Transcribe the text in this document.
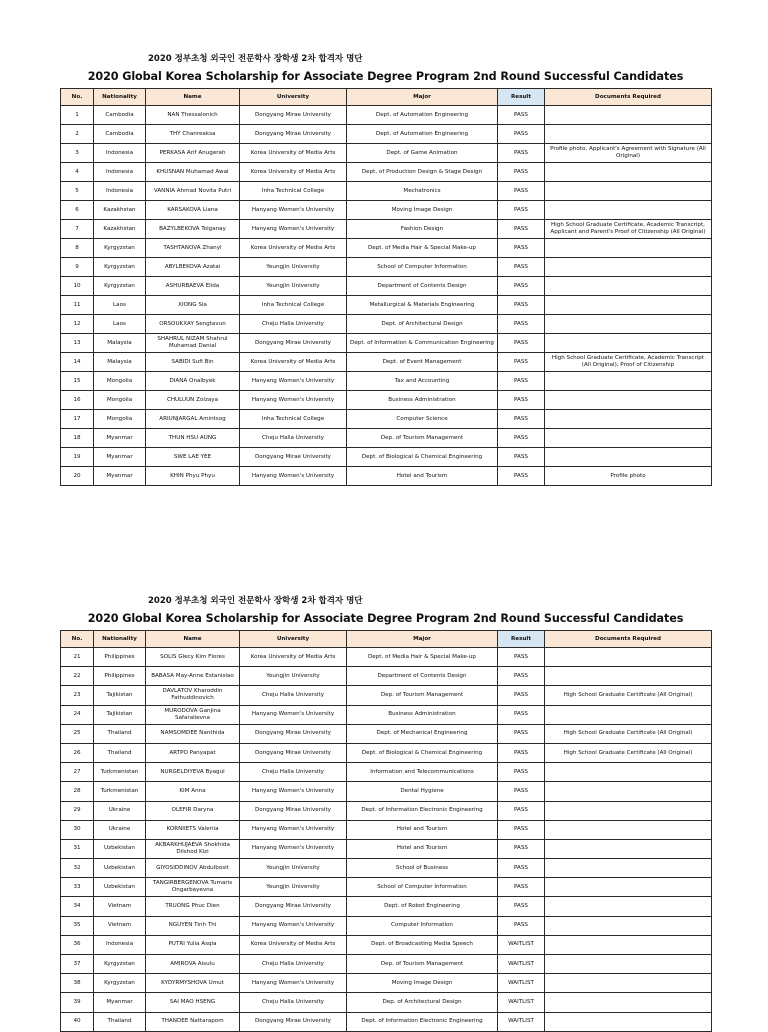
2020 정부초청 외국인 전문학사 장학생 2차 합격자 명단
2020 Global Korea Scholarship for Associate Degree Program 2nd Round Successful Candidates
No.	Nationality	Name	University	Major	Result	Documents Required
1	Cambodia	NAN Thessalonich	Dongyang Mirae University	Dept. of Automation Engineering	PASS	
2	Cambodia	THY Chanreaksa	Dongyang Mirae University	Dept. of Automation Engineering	PASS	
3	Indonesia	PERKASA Arif Anugerah	Korea University of Media Arts	Dept. of Game Animation	PASS	Profile photo, Applicant's Agreement with Signature (All Original)
4	Indonesia	KHUSNAN Muhamad Awal	Korea University of Media Arts	Dept. of Production Design & Stage Design	PASS	
5	Indonesia	VANNIA Ahmad Novita Putri	Inha Technical College	Mechatronics	PASS	
6	Kazakhstan	KARSAKOVA Liana	Hanyang Women's University	Moving Image Design	PASS	
7	Kazakhstan	BAZYLBEKOVA Tolganay	Hanyang Women's University	Fashion Design	PASS	High School Graduate Certificate, Academic Transcript, Applicant and Parent's Proof of Citizenship (All Original)
8	Kyrgyzstan	TASHTANOVA Zhanyl	Korea University of Media Arts	Dept. of Media Hair & Special Make-up	PASS	
9	Kyrgyzstan	ABYLBEKOVA Azatai	Yeungjin University	School of Computer Information	PASS	
10	Kyrgyzstan	ASHURBAEVA Elida	Yeungjin University	Department of Contents Design	PASS	
11	Laos	XIONG Sia	Inha Technical College	Metallurgical & Materials Engineering	PASS	
12	Laos	ORSOUKXAY Sengtavun	Cheju Halla University	Dept. of Architectural Design	PASS	
13	Malaysia	SHAHRUL NIZAM Shahrul Muhamad Danial	Dongyang Mirae University	Dept. of Information & Communication Engineering	PASS	
14	Malaysia	SABIDI Sufi Bin	Korea University of Media Arts	Dept. of Event Management	PASS	High School Graduate Certificate, Academic Transcript (All Original), Proof of Citizenship
15	Mongolia	DIANA Onalbyek	Hanyang Women's University	Tax and Accounting	PASS	
16	Mongolia	CHULUUN Zolzaya	Hanyang Women's University	Business Administration	PASS	
17	Mongolia	ARIUNJARGAL Amintsog	Inha Technical College	Computer Science	PASS	
18	Myanmar	THUN HSU AUNG	Cheju Halla University	Dep. of Tourism Management	PASS	
19	Myanmar	SWE LAE YEE	Dongyang Mirae University	Dept. of Biological & Chemical Engineering	PASS	
20	Myanmar	KHIN Phyu Phyu	Hanyang Women's University	Hotel and Tourism	PASS	Profile photo
2020 정부초청 외국인 전문학사 장학생 2차 합격자 명단
2020 Global Korea Scholarship for Associate Degree Program 2nd Round Successful Candidates
No.	Nationality	Name	University	Major	Result	Documents Required
21	Philippines	SOLIS Glecy Kim Flores	Korea University of Media Arts	Dept. of Media Hair & Special Make-up	PASS	
22	Philippines	BABASA May-Anne Estanislao	Yeungjin University	Department of Contents Design	PASS	
23	Tajikistan	DAVLATOV Kharoddin Fathuddinovich	Cheju Halla University	Dep. of Tourism Management	PASS	High School Graduate Certificate (All Original)
24	Tajikistan	MURODOVA Ganjina Safaralievna	Hanyang Women's University	Business Administration	PASS	
25	Thailand	NAMSOMDEE Nanthida	Dongyang Mirae University	Dept. of Mechanical Engineering	PASS	High School Graduate Certificate (All Original)
26	Thailand	ARTPO Panyapat	Dongyang Mirae University	Dept. of Biological & Chemical Engineering	PASS	High School Graduate Certificate (All Original)
27	Turkmenistan	NURGELDIYEVA Byagul	Cheju Halla University	Information and Telecommunications	PASS	
28	Turkmenistan	KIM Anna	Hanyang Women's University	Dental Hygiene	PASS	
29	Ukraine	OLEFIR Daryna	Dongyang Mirae University	Dept. of Information Electronic Engineering	PASS	
30	Ukraine	KORNIIETS Valeriia	Hanyang Women's University	Hotel and Tourism	PASS	
31	Uzbekistan	AKBARKHUJAEVA Shokhida Dilshod Kizi	Hanyang Women's University	Hotel and Tourism	PASS	
32	Uzbekistan	GIYOSIDDINOV Abdulbosit	Yeungjin University	School of Business	PASS	
33	Uzbekistan	TANGIRBERGENOVA Tumaris Ongarbayevna	Yeungjin University	School of Computer Information	PASS	
34	Vietnam	TRUONG Phuc Dien	Dongyang Mirae University	Dept. of Robot Engineering	PASS	
35	Vietnam	NGUYEN Tinh Thi	Hanyang Women's University	Computer Information	PASS	
36	Indonesia	PUTRI Yulia Asqia	Korea University of Media Arts	Dept. of Broadcasting Media Speech	WAITLIST	
37	Kyrgyzstan	AMIROVA Aisulu	Cheju Halla University	Dep. of Tourism Management	WAITLIST	
38	Kyrgyzstan	KYDYRMYSHOVA Umut	Hanyang Women's University	Moving Image Design	WAITLIST	
39	Myanmar	SAI MAO HSENG	Cheju Halla University	Dep. of Architectural Design	WAITLIST	
40	Thailand	THANDEE Nattarapom	Dongyang Mirae University	Dept. of Information Electronic Engineering	WAITLIST	
